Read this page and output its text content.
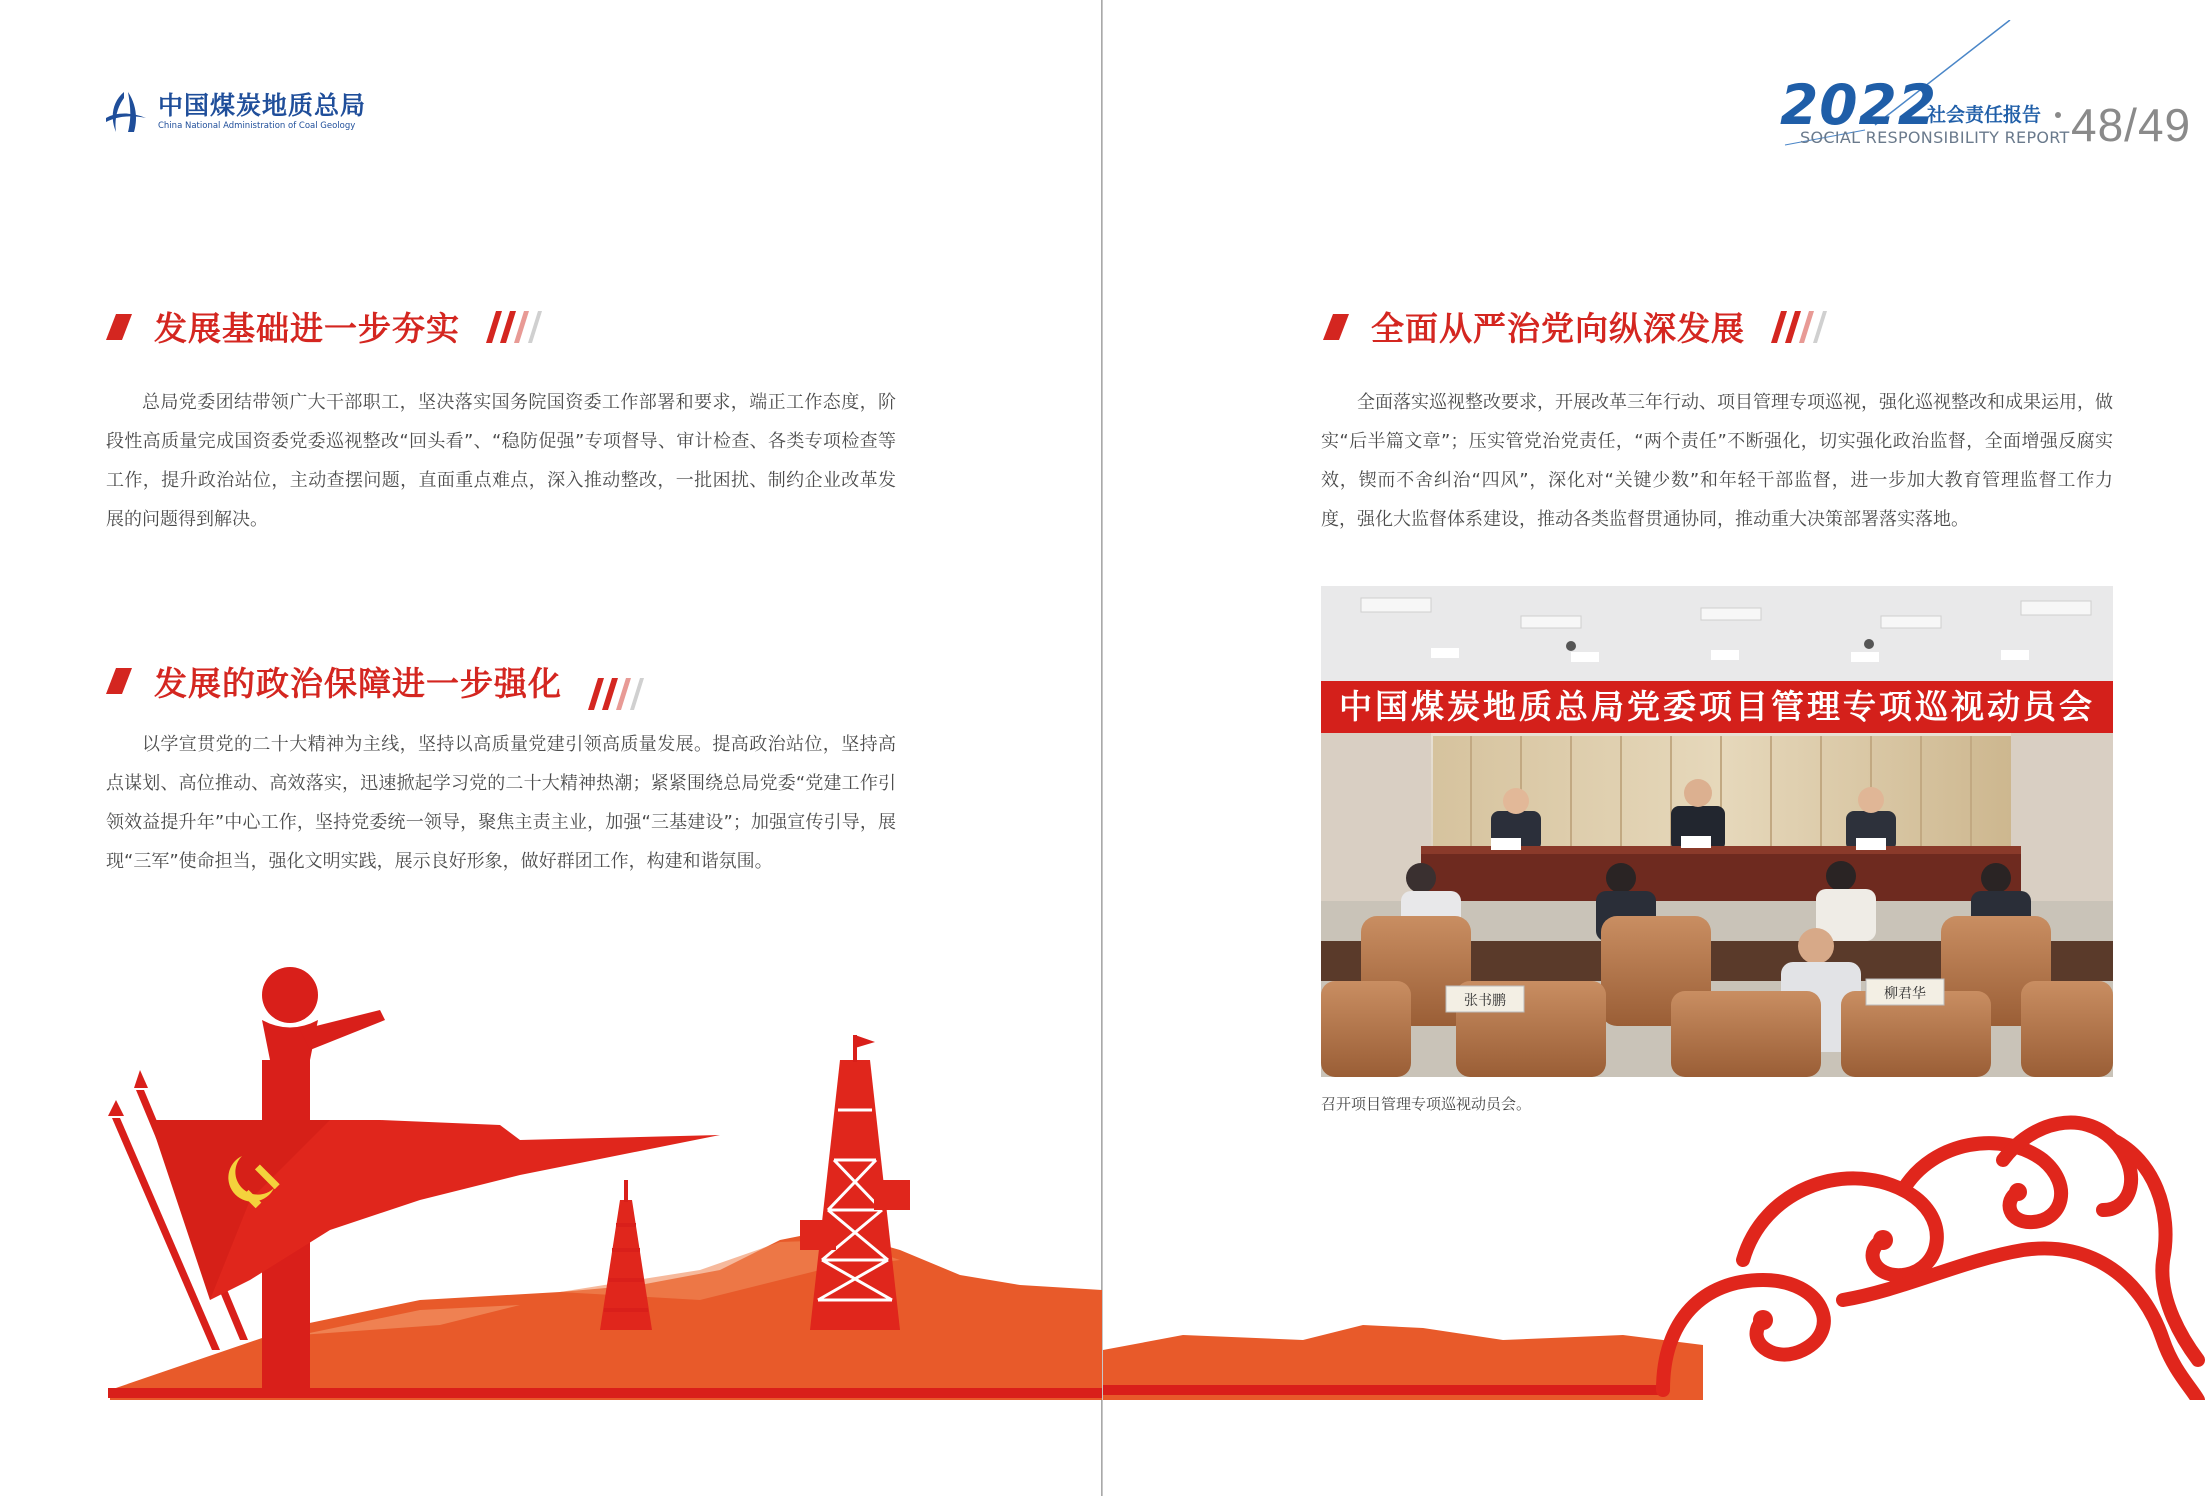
中国煤炭地质总局
China National Administration of Coal Geology	2022
社会责任报告
SOCIAL RESPONSIBILITY REPORT 48/49
发展基础进一步夯实

总局党委团结带领广大干部职工，坚决落实国务院国资委工作部署和要求，端正工作态度，阶段性高质量完成国资委党委巡视整改“回头看”、“稳防促强”专项督导、审计检查、各类专项检查等工作，提升政治站位，主动查摆问题，直面重点难点，深入推动整改，一批困扰、制约企业改革发展的问题得到解决。

发展的政治保障进一步强化

以学宣贯党的二十大精神为主线，坚持以高质量党建引领高质量发展。提高政治站位，坚持高点谋划、高位推动、高效落实，迅速掀起学习党的二十大精神热潮；紧紧围绕总局党委“党建工作引领效益提升年”中心工作，坚持党委统一领导，聚焦主责主业，加强“三基建设”；加强宣传引导，展现“三军”使命担当，强化文明实践，展示良好形象，做好群团工作，构建和谐氛围。

全面从严治党向纵深发展

全面落实巡视整改要求，开展改革三年行动、项目管理专项巡视，强化巡视整改和成果运用，做实“后半篇文章”；压实管党治党责任，“两个责任”不断强化，切实强化政治监督，全面增强反腐实效，锲而不舍纠治“四风”，深化对“关键少数”和年轻干部监督，进一步加大教育管理监督工作力度，强化大监督体系建设，推动各类监督贯通协同，推动重大决策部署落实落地。

中国煤炭地质总局党委项目管理专项巡视动员会
张书鹏	柳君华
召开项目管理专项巡视动员会。
